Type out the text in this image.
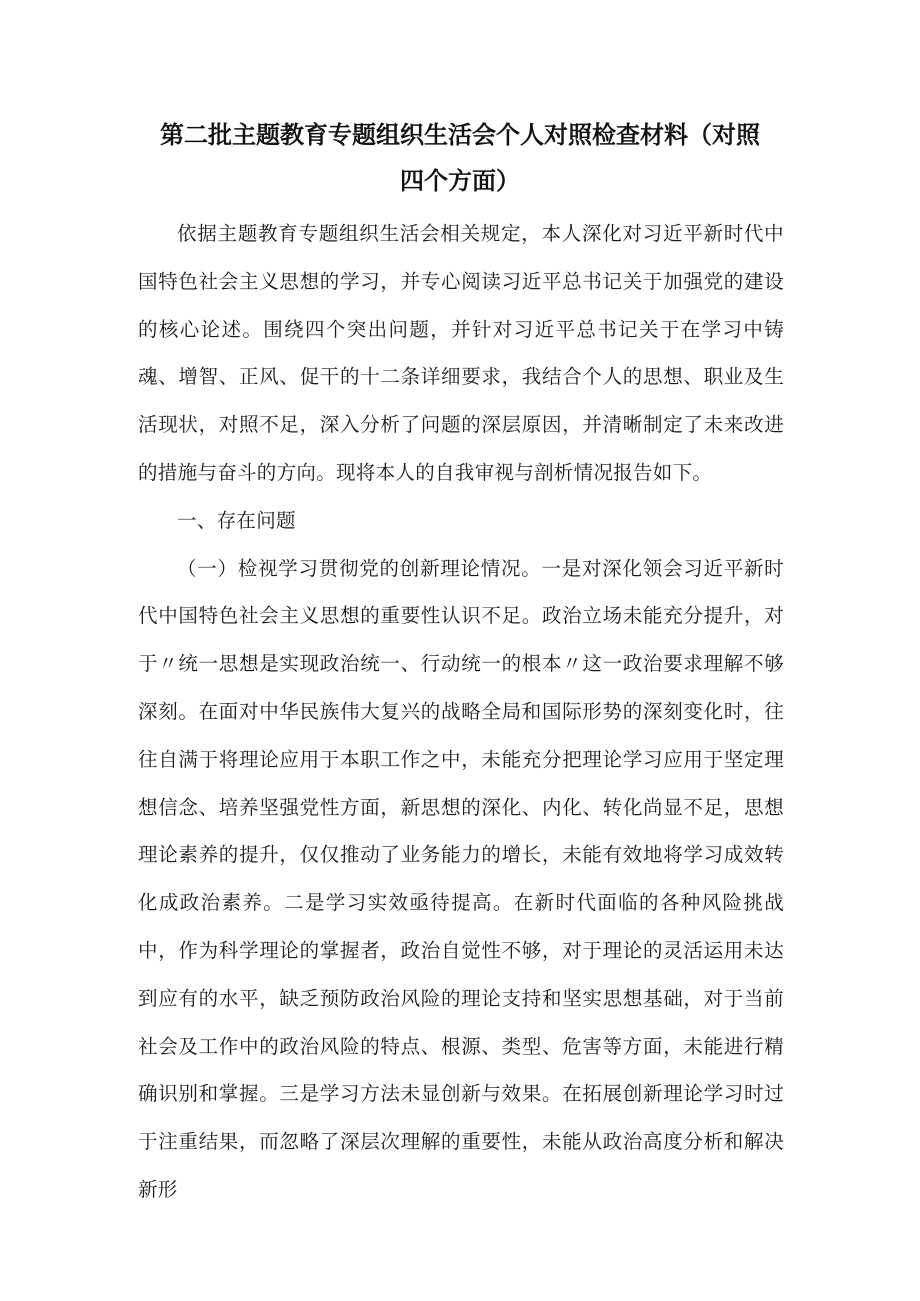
第二批主题教育专题组织生活会个人对照检查材料（对照四个方面）

依据主题教育专题组织生活会相关规定，本人深化对习近平新时代中国特色社会主义思想的学习，并专心阅读习近平总书记关于加强党的建设的核心论述。围绕四个突出问题，并针对习近平总书记关于在学习中铸魂、增智、正风、促干的十二条详细要求，我结合个人的思想、职业及生活现状，对照不足，深入分析了问题的深层原因，并清晰制定了未来改进的措施与奋斗的方向。现将本人的自我审视与剖析情况报告如下。

一、存在问题

（一）检视学习贯彻党的创新理论情况。一是对深化领会习近平新时代中国特色社会主义思想的重要性认识不足。政治立场未能充分提升，对于〃统一思想是实现政治统一、行动统一的根本〃这一政治要求理解不够深刻。在面对中华民族伟大复兴的战略全局和国际形势的深刻变化时，往往自满于将理论应用于本职工作之中，未能充分把理论学习应用于坚定理想信念、培养坚强党性方面，新思想的深化、内化、转化尚显不足，思想理论素养的提升，仅仅推动了业务能力的增长，未能有效地将学习成效转化成政治素养。二是学习实效亟待提高。在新时代面临的各种风险挑战中，作为科学理论的掌握者，政治自觉性不够，对于理论的灵活运用未达到应有的水平，缺乏预防政治风险的理论支持和坚实思想基础，对于当前社会及工作中的政治风险的特点、根源、类型、危害等方面，未能进行精确识别和掌握。三是学习方法未显创新与效果。在拓展创新理论学习时过于注重结果，而忽略了深层次理解的重要性，未能从政治高度分析和解决新形
